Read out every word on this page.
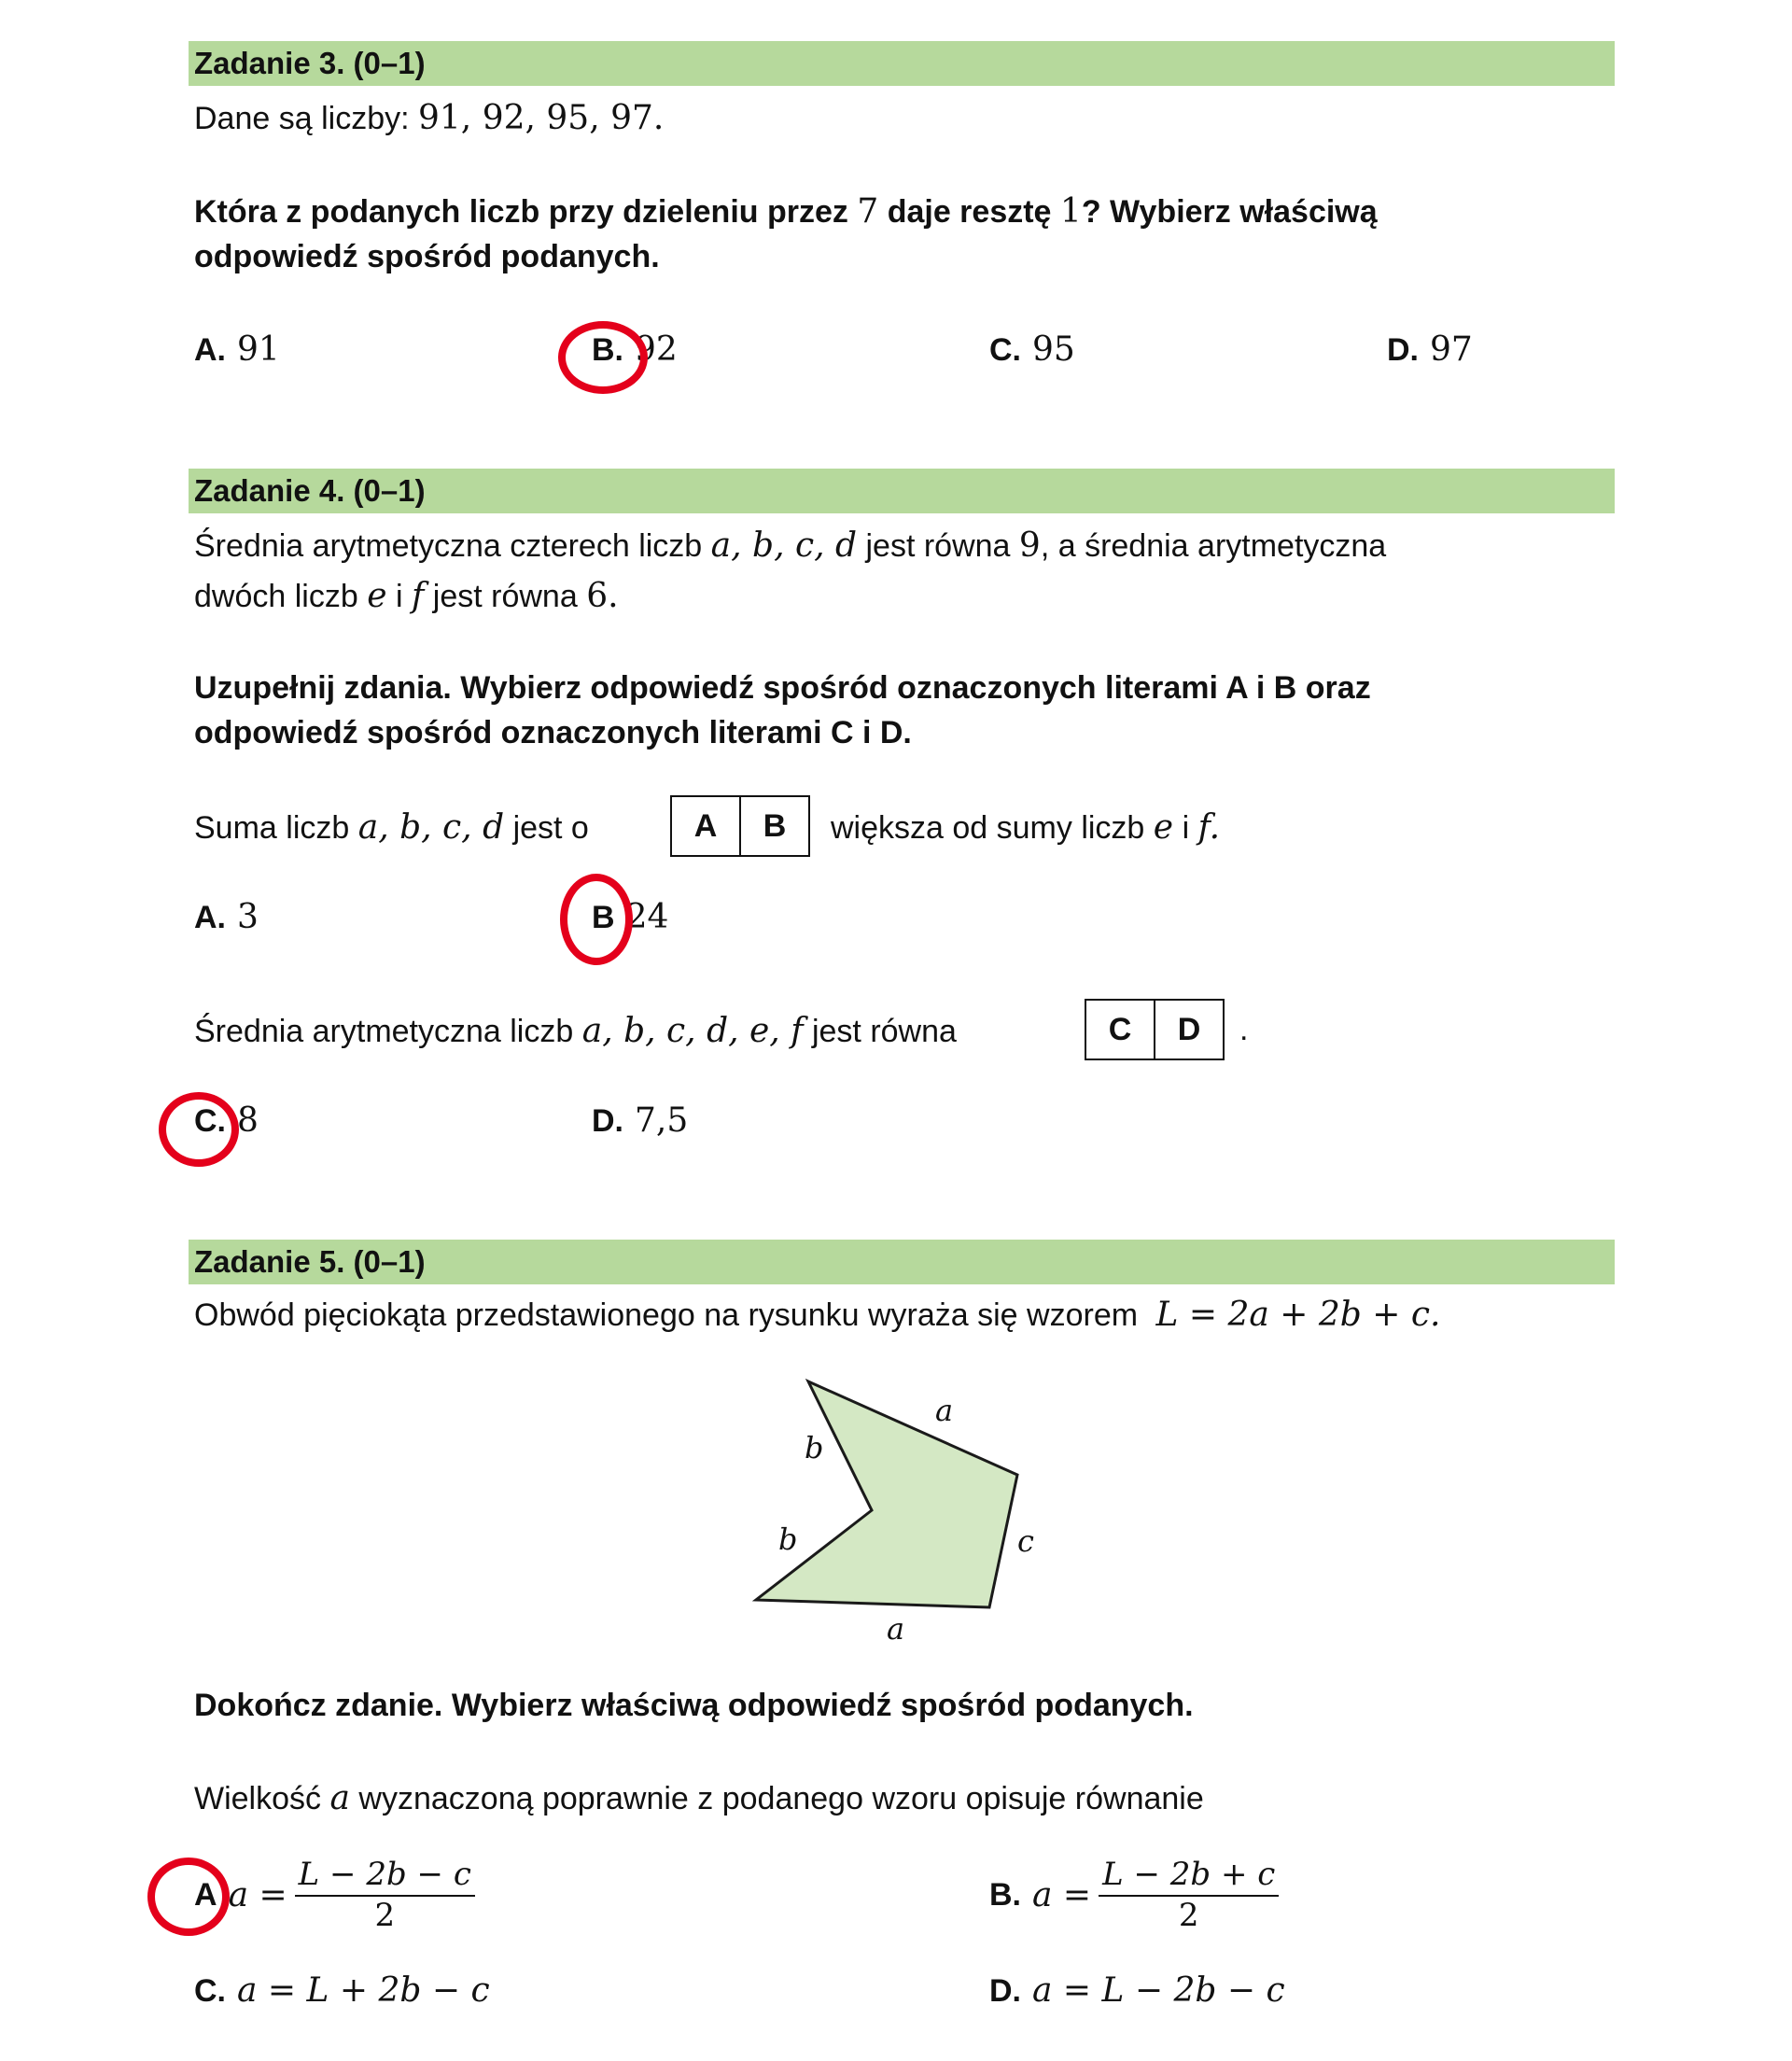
Zadanie 3. (0–1)
Dane są liczby: 91, 92, 95, 97.
Która z podanych liczb przy dzieleniu przez 7 daje resztę 1? Wybierz właściwą
odpowiedź spośród podanych.
A. 91	B. 92	C. 95	D. 97
Zadanie 4. (0–1)
Średnia arytmetyczna czterech liczb a, b, c, d jest równa 9, a średnia arytmetyczna
dwóch liczb e i f jest równa 6.
Uzupełnij zdania. Wybierz odpowiedź spośród oznaczonych literami A i B oraz
odpowiedź spośród oznaczonych literami C i D.
Suma liczb a, b, c, d jest o	A	B	większa od sumy liczb e i f.
A. 3	B 24
Średnia arytmetyczna liczb a, b, c, d, e, f jest równa	C	D	.
C. 8	D. 7,5
Zadanie 5. (0–1)
Obwód pięciokąta przedstawionego na rysunku wyraża się wzorem L = 2a + 2b + c.
a
b
b	c
a
Dokończ zdanie. Wybierz właściwą odpowiedź spośród podanych.
Wielkość a wyznaczoną poprawnie z podanego wzoru opisuje równanie
A $a = \frac{L - 2b - c}{2}$	B. $a = \frac{L - 2b + c}{2}$
C. a = L + 2b − c	D. a = L − 2b − c
